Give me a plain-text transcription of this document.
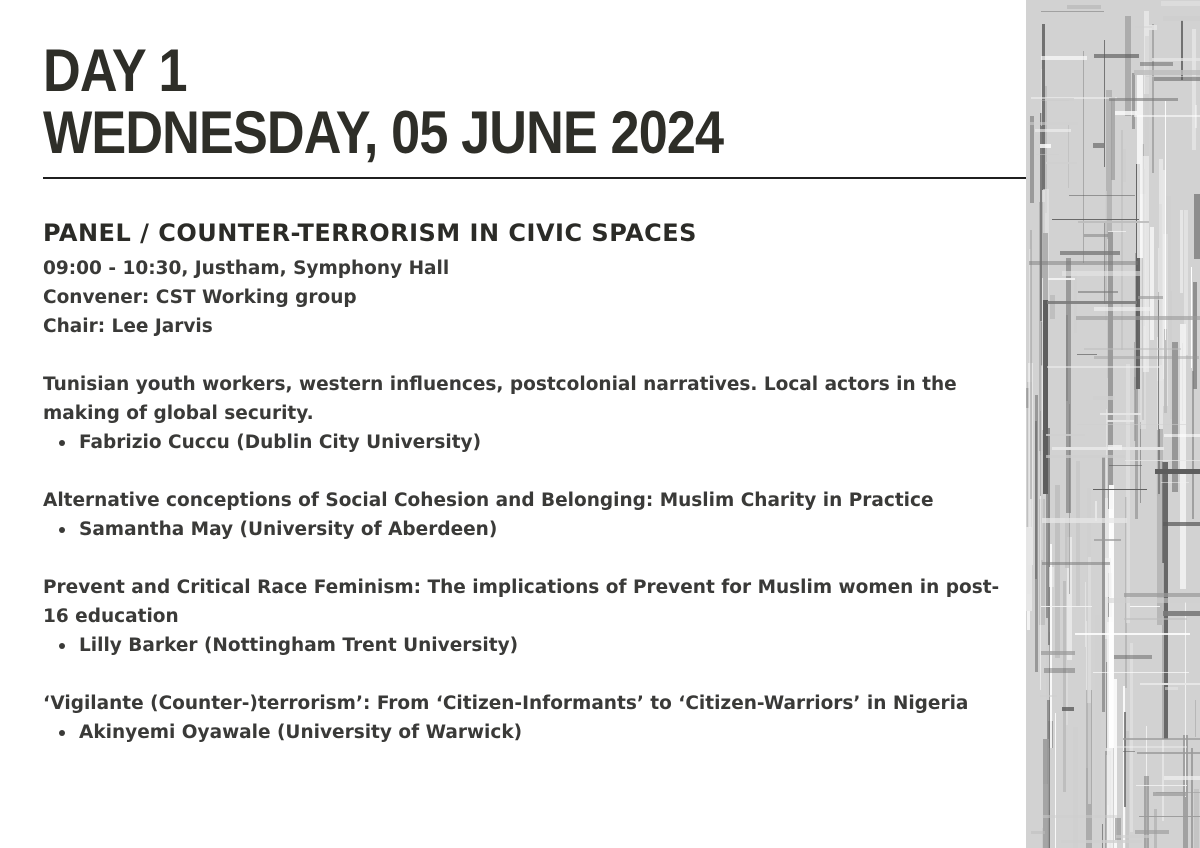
DAY 1
WEDNESDAY, 05 JUNE 2024
PANEL / COUNTER-TERRORISM IN CIVIC SPACES
09:00 - 10:30, Justham, Symphony Hall
Convener: CST Working group
Chair: Lee Jarvis
Tunisian youth workers, western influences, postcolonial narratives. Local actors in the making of global security.
Fabrizio Cuccu (Dublin City University)
Alternative conceptions of Social Cohesion and Belonging: Muslim Charity in Practice
Samantha May (University of Aberdeen)
Prevent and Critical Race Feminism: The implications of Prevent for Muslim women in post-16 education
Lilly Barker (Nottingham Trent University)
‘Vigilante (Counter-)terrorism’: From ‘Citizen-Informants’ to ‘Citizen-Warriors’ in Nigeria
Akinyemi Oyawale (University of Warwick)
